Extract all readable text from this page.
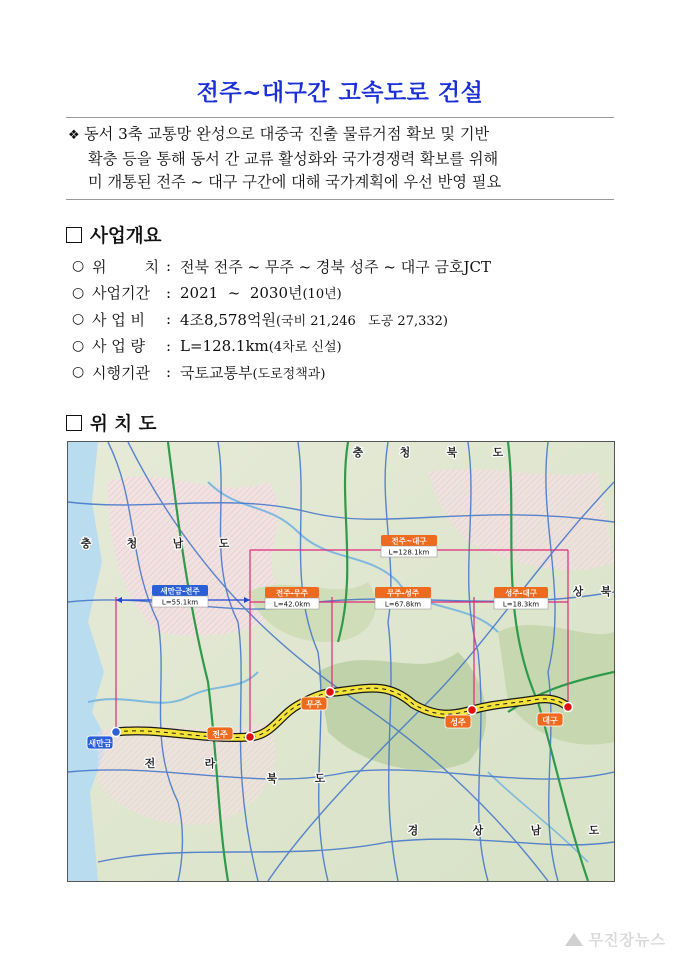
전주~대구간 고속도로 건설
❖ 동서 3축 교통망 완성으로 대중국 진출 물류거점 확보 및 기반
확충 등을 통해 동서 간 교류 활성화와 국가경쟁력 확보를 위해
미 개통된 전주 ~ 대구 구간에 대해 국가계획에 우선 반영 필요
사업개요
○ 위        치 : 전북 전주 ~ 무주 ~ 경북 성주 ~ 대구 금호JCT
○ 사업기간	: 2021  ~  2030년 (10년)
○ 사 업 비	: 4조8,578억원 (국비 21,246   도공 27,332)
○ 사 업 량	: L=128.1km (4차로 신설)
○ 시행기관	: 국토교통부 (도로정책과)
위 치 도
충	청	북	도
충	청	남	도
상 북
전	라
북	도
경	상	남	도
전주~대구
L=128.1km
새만금-전주
L=55.1km
전주-무주
L=42.0km
무주-성주
L=67.8km
성주-대구
L=18.3km
새만금
전주
무주
성주	대구
무진장뉴스
